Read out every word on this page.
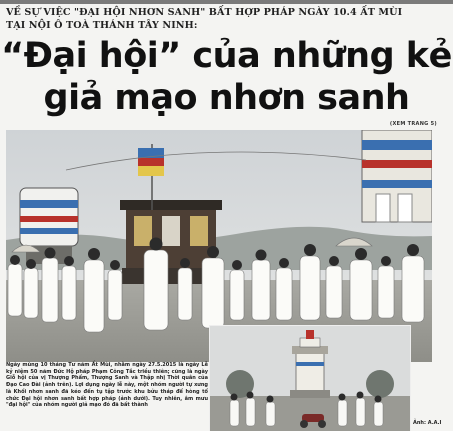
VỀ SỰ VIỆC "ĐẠI HỘI NHƠN SANH" BẤT HỢP PHÁP NGÀY 10.4 ẤT MÙI
TẠI NỘI Ô TOÀ THÁNH TÂY NINH:
“Đại hội” của những kẻ
giả mạo nhơn sanh
(XEM TRANG 5)
Ngày mùng 10 tháng Tư năm Ất Mùi, nhằm ngày 27.5.2015 là ngày Lễ kỷ niệm 50 năm Đức Hộ pháp Phạm Công Tắc triều thiên; cũng là ngày Giỗ hội của vị Thượng Phẩm, Thượng Sanh và Thập nhị Thời quân của Đạo Cao Đài (ảnh trên). Lợi dụng ngày lễ này, một nhóm người tự xưng là Khối nhơn sanh đã kéo đến tụ tập trước khu bửu tháp để hòng tổ chức Đại hội nhơn sanh bất hợp pháp (ảnh dưới). Tuy nhiên, âm mưu "đại hội" của nhóm người giả mạo đó đã bất thành
Ảnh: A.A.I
